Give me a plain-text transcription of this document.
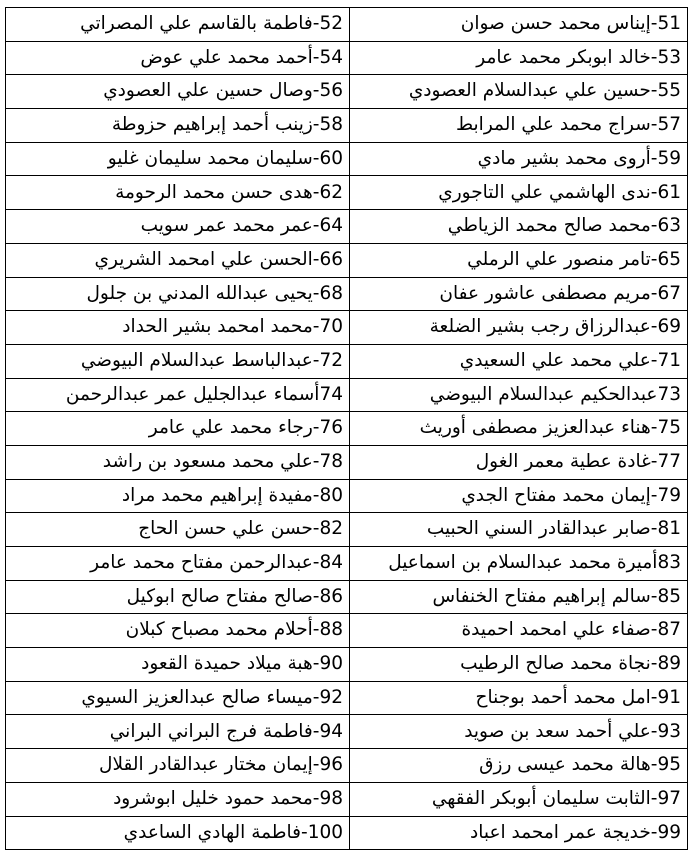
51-إيناس محمد حسن صوان	52-فاطمة بالقاسم علي المصراتي
53-خالد ابوبكر محمد عامر	54-أحمد محمد علي عوض
55-حسين علي عبدالسلام العصودي	56-وصال حسين علي العصودي
57-سراج محمد علي المرابط	58-زينب أحمد إبراهيم حزوطة
59-أروى محمد بشير مادي	60-سليمان محمد سليمان غليو
61-ندى الهاشمي علي التاجوري	62-هدى حسن محمد الرحومة
63-محمد صالح محمد الزياطي	64-عمر محمد عمر سويب
65-تامر منصور علي الرملي	66-الحسن علي امحمد الشريري
67-مريم مصطفى عاشور عفان	68-يحيى عبدالله المدني بن جلول
69-عبدالرزاق رجب بشير الضلعة	70-محمد امحمد بشير الحداد
71-علي محمد علي السعيدي	72-عبدالباسط عبدالسلام البيوضي
73عبدالحكيم عبدالسلام البيوضي	74أسماء عبدالجليل عمر عبدالرحمن
75-هناء عبدالعزيز مصطفى أوريث	76-رجاء محمد علي عامر
77-غادة عطية معمر الغول	78-علي محمد مسعود بن راشد
79-إيمان محمد مفتاح الجدي	80-مفيدة إبراهيم محمد مراد
81-صابر عبدالقادر السني الحبيب	82-حسن علي حسن الحاج
83أميرة محمد عبدالسلام بن اسماعيل	84-عبدالرحمن مفتاح محمد عامر
85-سالم إبراهيم مفتاح الخنفاس	86-صالح مفتاح صالح ابوكيل
87-صفاء علي امحمد احميدة	88-أحلام محمد مصباح كبلان
89-نجاة محمد صالح الرطيب	90-هبة ميلاد حميدة القعود
91-امل محمد أحمد بوجناح	92-ميساء صالح عبدالعزيز السيوي
93-علي أحمد سعد بن صويد	94-فاطمة فرج البراني البراني
95-هالة محمد عيسى رزق	96-إيمان مختار عبدالقادر القلال
97-الثابت سليمان أبوبكر الفقهي	98-محمد حمود خليل ابوشرود
99-خديجة عمر امحمد اعباد	100-فاطمة الهادي الساعدي
